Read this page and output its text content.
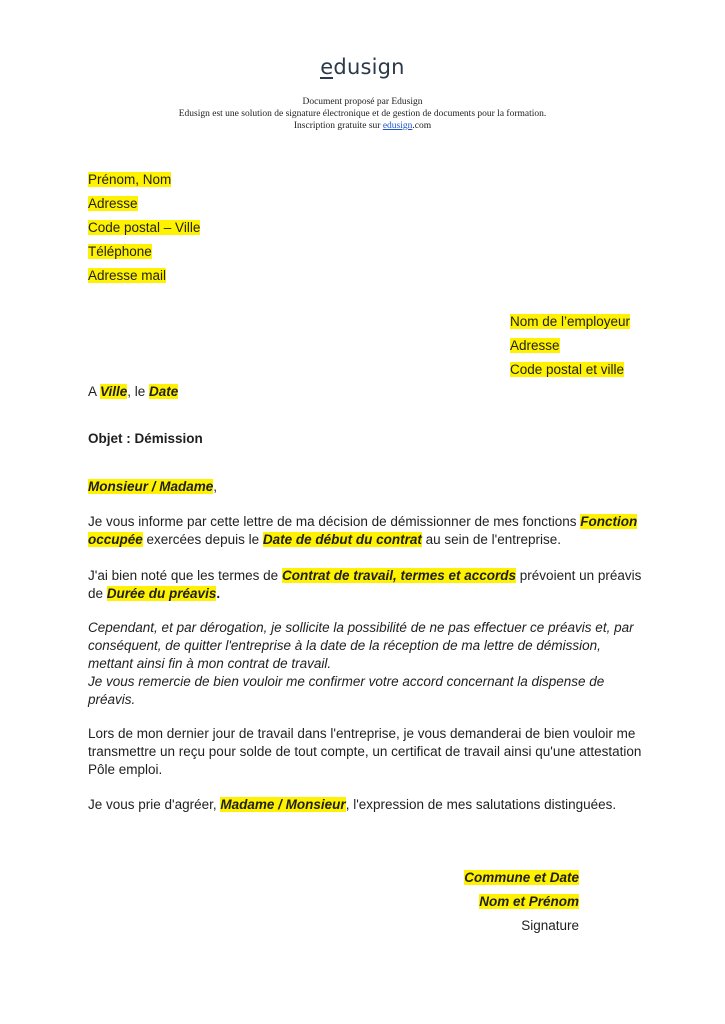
edusign
Document proposé par Edusign
Edusign est une solution de signature électronique et de gestion de documents pour la formation.
Inscription gratuite sur edusign.com
Prénom, Nom
Adresse
Code postal – Ville
Téléphone
Adresse mail
Nom de l’employeur
Adresse
Code postal et ville
A Ville, le Date
Objet : Démission
Monsieur / Madame,
Je vous informe par cette lettre de ma décision de démissionner de mes fonctions Fonction occupée exercées depuis le Date de début du contrat au sein de l'entreprise.
J'ai bien noté que les termes de Contrat de travail, termes et accords prévoient un préavis de Durée du préavis.
Cependant, et par dérogation, je sollicite la possibilité de ne pas effectuer ce préavis et, par conséquent, de quitter l'entreprise à la date de la réception de ma lettre de démission, mettant ainsi fin à mon contrat de travail.
Je vous remercie de bien vouloir me confirmer votre accord concernant la dispense de préavis.
Lors de mon dernier jour de travail dans l'entreprise, je vous demanderai de bien vouloir me transmettre un reçu pour solde de tout compte, un certificat de travail ainsi qu'une attestation Pôle emploi.
Je vous prie d'agréer, Madame / Monsieur, l'expression de mes salutations distinguées.
Commune et Date
Nom et Prénom
Signature
